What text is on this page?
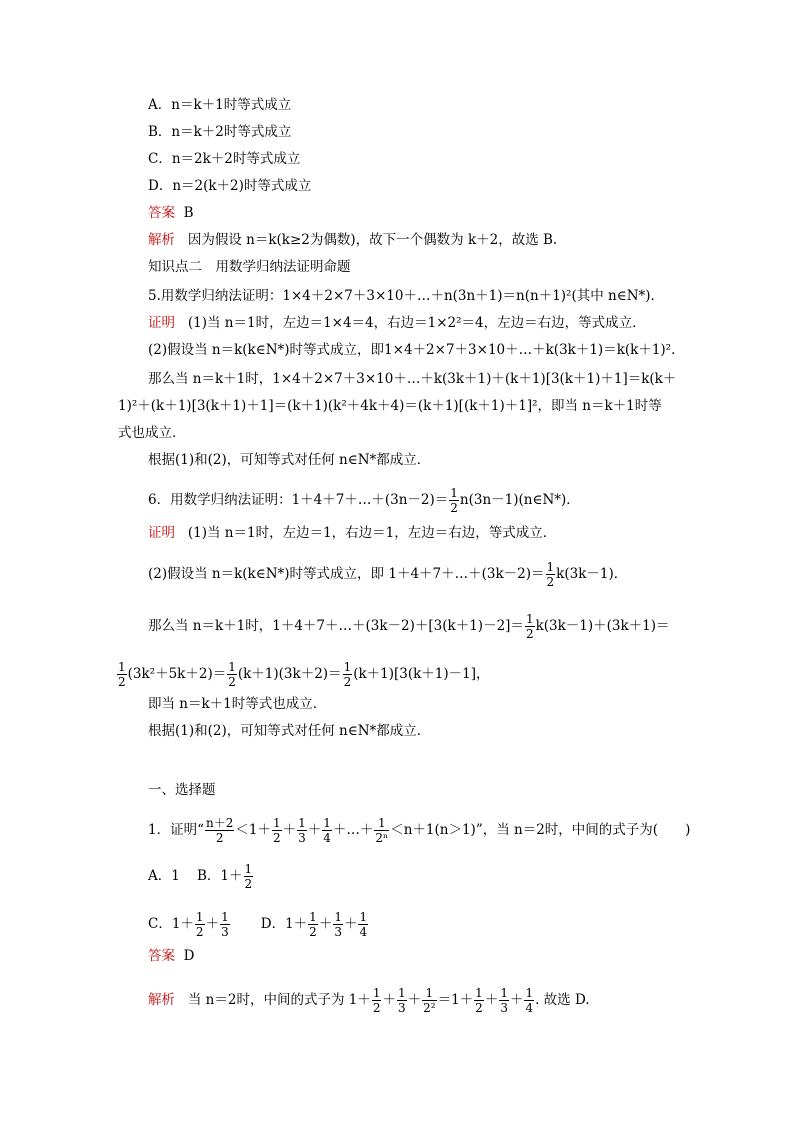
A．n＝k＋1时等式成立
B．n＝k＋2时等式成立
C．n＝2k＋2时等式成立
D．n＝2(k＋2)时等式成立
答案 B
解析 因为假设 n＝k(k≥2为偶数)，故下一个偶数为 k＋2，故选 B.
知识点二　用数学归纳法证明命题
5.用数学归纳法证明：1×4＋2×7＋3×10＋…＋n(3n＋1)＝n(n＋1)²(其中 n∈N*)．
证明 (1)当 n＝1时，左边＝1×4＝4，右边＝1×2²＝4，左边＝右边，等式成立．
(2)假设当 n＝k(k∈N*)时等式成立，即1×4＋2×7＋3×10＋…＋k(3k＋1)＝k(k＋1)².
那么当 n＝k＋1时，1×4＋2×7＋3×10＋…＋k(3k＋1)＋(k＋1)[3(k＋1)＋1]＝k(k＋
1)²＋(k＋1)[3(k＋1)＋1]＝(k＋1)(k²＋4k＋4)＝(k＋1)[(k＋1)＋1]²，即当 n＝k＋1时等
式也成立．
根据(1)和(2)，可知等式对任何 n∈N*都成立．
6．用数学归纳法证明：1＋4＋7＋…＋(3n－2)＝ $\frac{1}{2}$ n(3n－1)(n∈N*)．
证明 (1)当 n＝1时，左边＝1，右边＝1，左边＝右边，等式成立．
(2)假设当 n＝k(k∈N*)时等式成立，即 1＋4＋7＋…＋(3k－2)＝ $\frac{1}{2} k(3k-1)$．
那么当 n＝k＋1时，1＋4＋7＋…＋(3k－2)＋[3(k＋1)－2]＝ $\frac{1}{2} k(3k-1)+(3k+1)=$
$\frac{1}{2} (3k^2+5k+2)= \frac{1}{2} (k+1)(3k+2)= \frac{1}{2} (k+1)[3(k+1)-1]$，
即当 n＝k＋1时等式也成立．
根据(1)和(2)，可知等式对任何 n∈N*都成立．
一、选择题
1．证明“ $\frac{n+2}{2} <1+ \frac{1}{2} + \frac{1}{3} + \frac{1}{4}$ ＋…＋ $\frac{1}{\text{2ⁿ}} <n+1(n>1)$”，当 n＝2时，中间的式子为(　　)
A．1 B．$1+ \frac{1}{2}$
C．$1+ \frac{1}{2} + \frac{1}{3}$ D．$1+ \frac{1}{2} + \frac{1}{3} + \frac{1}{4}$
答案 D
解析 当 n＝2时，中间的式子为 $1+ \frac{1}{2} + \frac{1}{3} + \frac{1}{\text{2²}} =1+ \frac{1}{2} + \frac{1}{3} + \frac{1}{4}$ . 故选 D.
